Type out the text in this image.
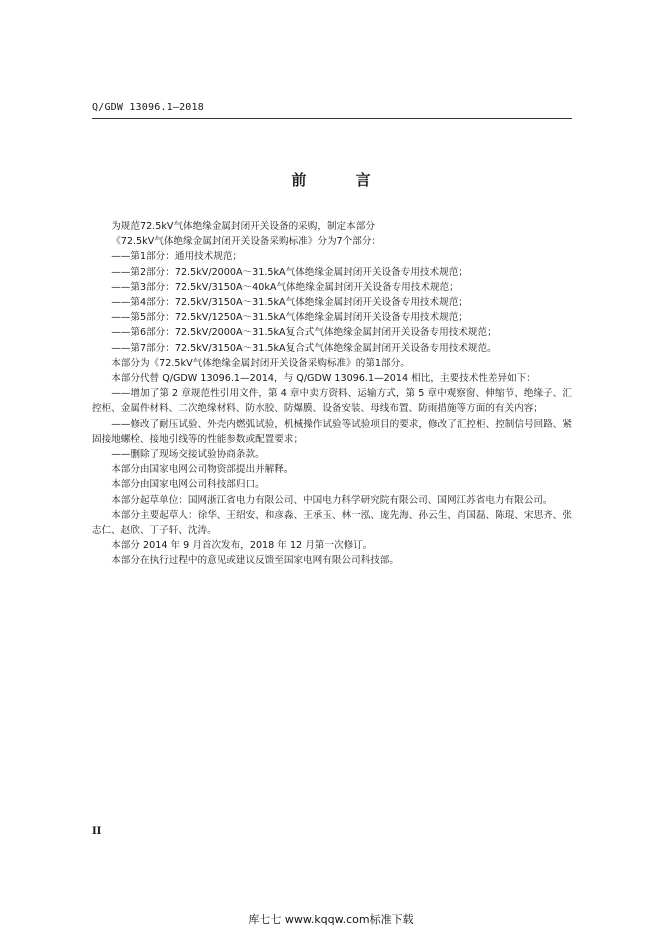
Q/GDW 13096.1—2018
前 言

为规范72.5kV气体绝缘金属封闭开关设备的采购，制定本部分

《72.5kV气体绝缘金属封闭开关设备采购标准》分为7个部分：

——第1部分：通用技术规范；

——第2部分：72.5kV/2000A～31.5kA气体绝缘金属封闭开关设备专用技术规范；

——第3部分：72.5kV/3150A～40kA气体绝缘金属封闭开关设备专用技术规范；

——第4部分：72.5kV/3150A～31.5kA气体绝缘金属封闭开关设备专用技术规范；

——第5部分：72.5kV/1250A～31.5kA气体绝缘金属封闭开关设备专用技术规范；

——第6部分：72.5kV/2000A～31.5kA复合式气体绝缘金属封闭开关设备专用技术规范；

——第7部分：72.5kV/3150A～31.5kA复合式气体绝缘金属封闭开关设备专用技术规范。

本部分为《72.5kV气体绝缘金属封闭开关设备采购标准》的第1部分。

本部分代替 Q/GDW 13096.1—2014，与 Q/GDW 13096.1—2014 相比，主要技术性差异如下：

——增加了第 2 章规范性引用文件，第 4 章中卖方资料、运输方式，第 5 章中观察窗、伸缩节、绝缘子、汇控柜、金属件材料、二次绝缘材料、防水胶、防爆膜、设备安装、母线布置、防雨措施等方面的有关内容；

——修改了耐压试验、外壳内燃弧试验，机械操作试验等试验项目的要求，修改了汇控柜、控制信号回路、紧固接地螺栓、接地引线等的性能参数或配置要求；

——删除了现场交接试验协商条款。

本部分由国家电网公司物资部提出并解释。

本部分由国家电网公司科技部归口。

本部分起草单位：国网浙江省电力有限公司、中国电力科学研究院有限公司、国网江苏省电力有限公司。

本部分主要起草人：徐华、王绍安、和彦淼、王承玉、林一泓、庞先海、孙云生、肖国磊、陈琨、宋思齐、张志仁、赵欣、丁子轩、沈涛。

本部分 2014 年 9 月首次发布，2018 年 12 月第一次修订。

本部分在执行过程中的意见或建议反馈至国家电网有限公司科技部。

II
库七七 www.kqqw.com标准下载
